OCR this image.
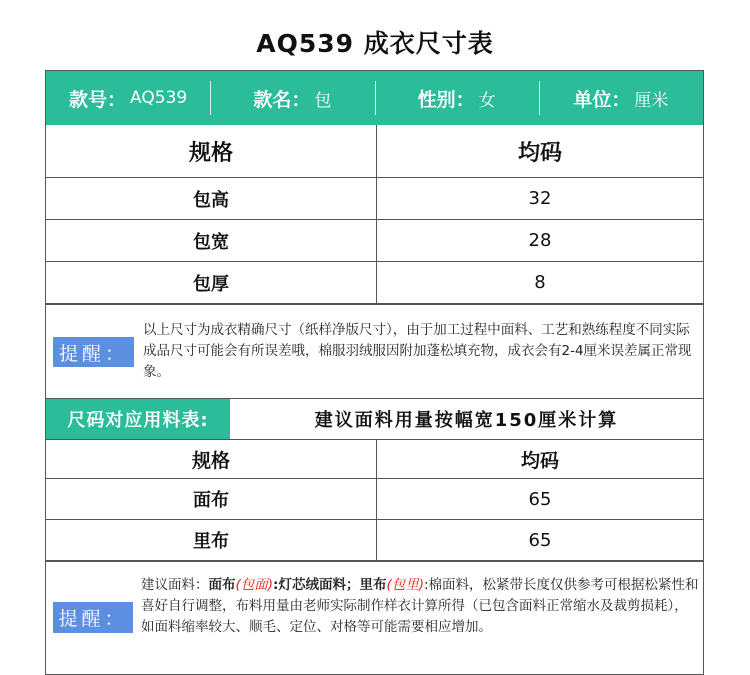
AQ539 成衣尺寸表
款号： AQ539	款名： 包	性别： 女	单位： 厘米
规格	均码
包高	32
包宽	28
包厚	8
提醒：
以上尺寸为成衣精确尺寸（纸样净版尺寸），由于加工过程中面料、工艺和熟练程度不同实际成品尺寸可能会有所误差哦，棉服羽绒服因附加蓬松填充物，成衣会有2-4厘米误差属正常现象。
尺码对应用料表:	建议面料用量按幅宽150厘米计算
规格	均码
面布	65
里布	65
提醒：
建议面料：面布(包面):灯芯绒面料；里布(包里):棉面料，松紧带长度仅供参考可根据松紧性和喜好自行调整，布料用量由老师实际制作样衣计算所得（已包含面料正常缩水及裁剪损耗），如面料缩率较大、顺毛、定位、对格等可能需要相应增加。
